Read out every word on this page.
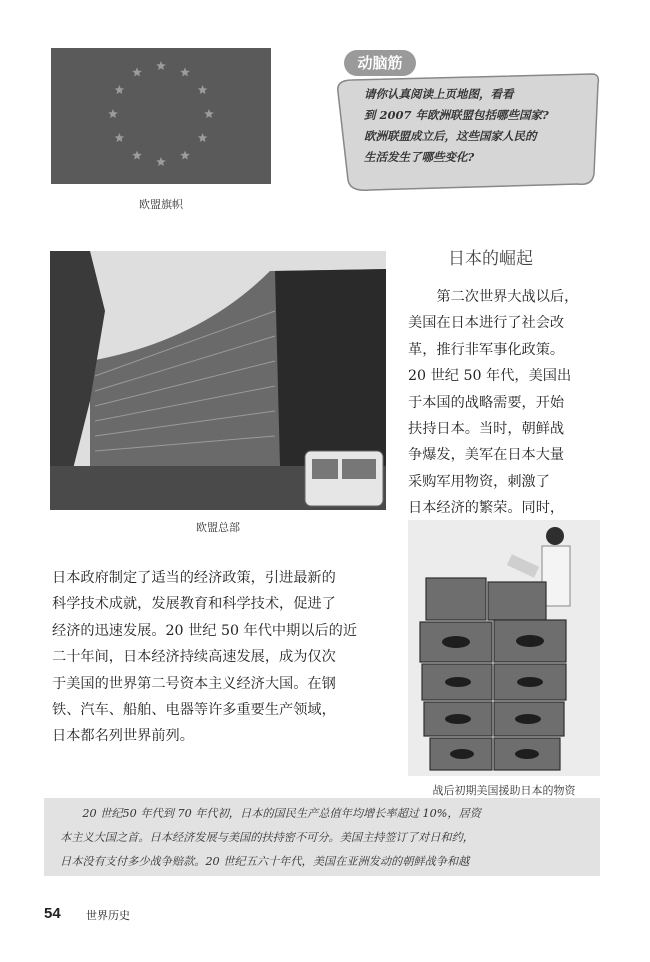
欧盟旗帜
动脑筋
请你认真阅读上页地图，看看
到 2007 年欧洲联盟包括哪些国家?
欧洲联盟成立后，这些国家人民的
生活发生了哪些变化?
欧盟总部
日本的崛起

　　第二次世界大战以后，

美国在日本进行了社会改

革，推行非军事化政策。

20 世纪 50 年代，美国出

于本国的战略需要，开始

扶持日本。当时，朝鲜战

争爆发，美军在日本大量

采购军用物资，刺激了

日本经济的繁荣。同时，

战后初期美国援助日本的物资

日本政府制定了适当的经济政策，引进最新的

科学技术成就，发展教育和科学技术，促进了

经济的迅速发展。20 世纪 50 年代中期以后的近

二十年间，日本经济持续高速发展，成为仅次

于美国的世界第二号资本主义经济大国。在钢

铁、汽车、船舶、电器等许多重要生产领域，

日本都名列世界前列。

　　20 世纪50 年代到 70 年代初，日本的国民生产总值年均增长率超过 10%，居资
本主义大国之首。日本经济发展与美国的扶持密不可分。美国主持签订了对日和约，
日本没有支付多少战争赔款。20 世纪五六十年代，美国在亚洲发动的朝鲜战争和越
54 世界历史
